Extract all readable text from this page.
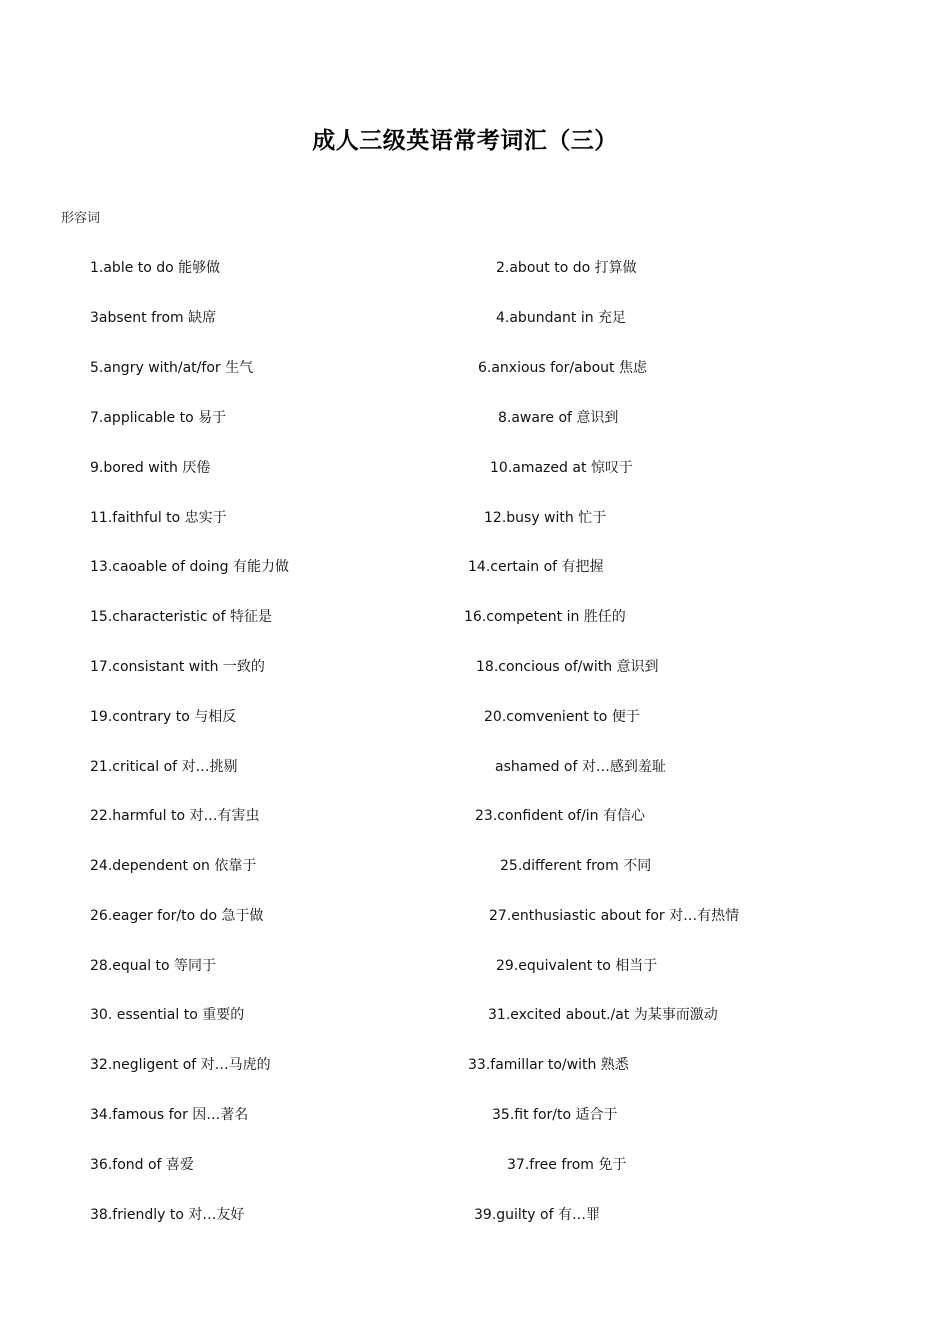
成人三级英语常考词汇（三）
形容词
1.able to do 能够做	2.about to do 打算做
3absent from 缺席	4.abundant in 充足
5.angry with/at/for 生气	6.anxious for/about 焦虑
7.applicable to 易于	8.aware of 意识到
9.bored with 厌倦	10.amazed at 惊叹于
11.faithful to 忠实于	12.busy with 忙于
13.caoable of doing 有能力做	14.certain of 有把握
15.characteristic of 特征是	16.competent in 胜任的
17.consistant with 一致的	18.concious of/with 意识到
19.contrary to 与相反	20.comvenient to 便于
21.critical of 对…挑剔	ashamed of 对…感到羞耻
22.harmful to 对…有害虫	23.confident of/in 有信心
24.dependent on 依靠于	25.different from 不同
26.eager for/to do 急于做	27.enthusiastic about for 对…有热情
28.equal to 等同于	29.equivalent to 相当于
30. essential to 重要的	31.excited about./at 为某事而激动
32.negligent of 对…马虎的	33.famillar to/with 熟悉
34.famous for 因…著名	35.fit for/to 适合于
36.fond of 喜爱	37.free from 免于
38.friendly to 对…友好	39.guilty of 有…罪
